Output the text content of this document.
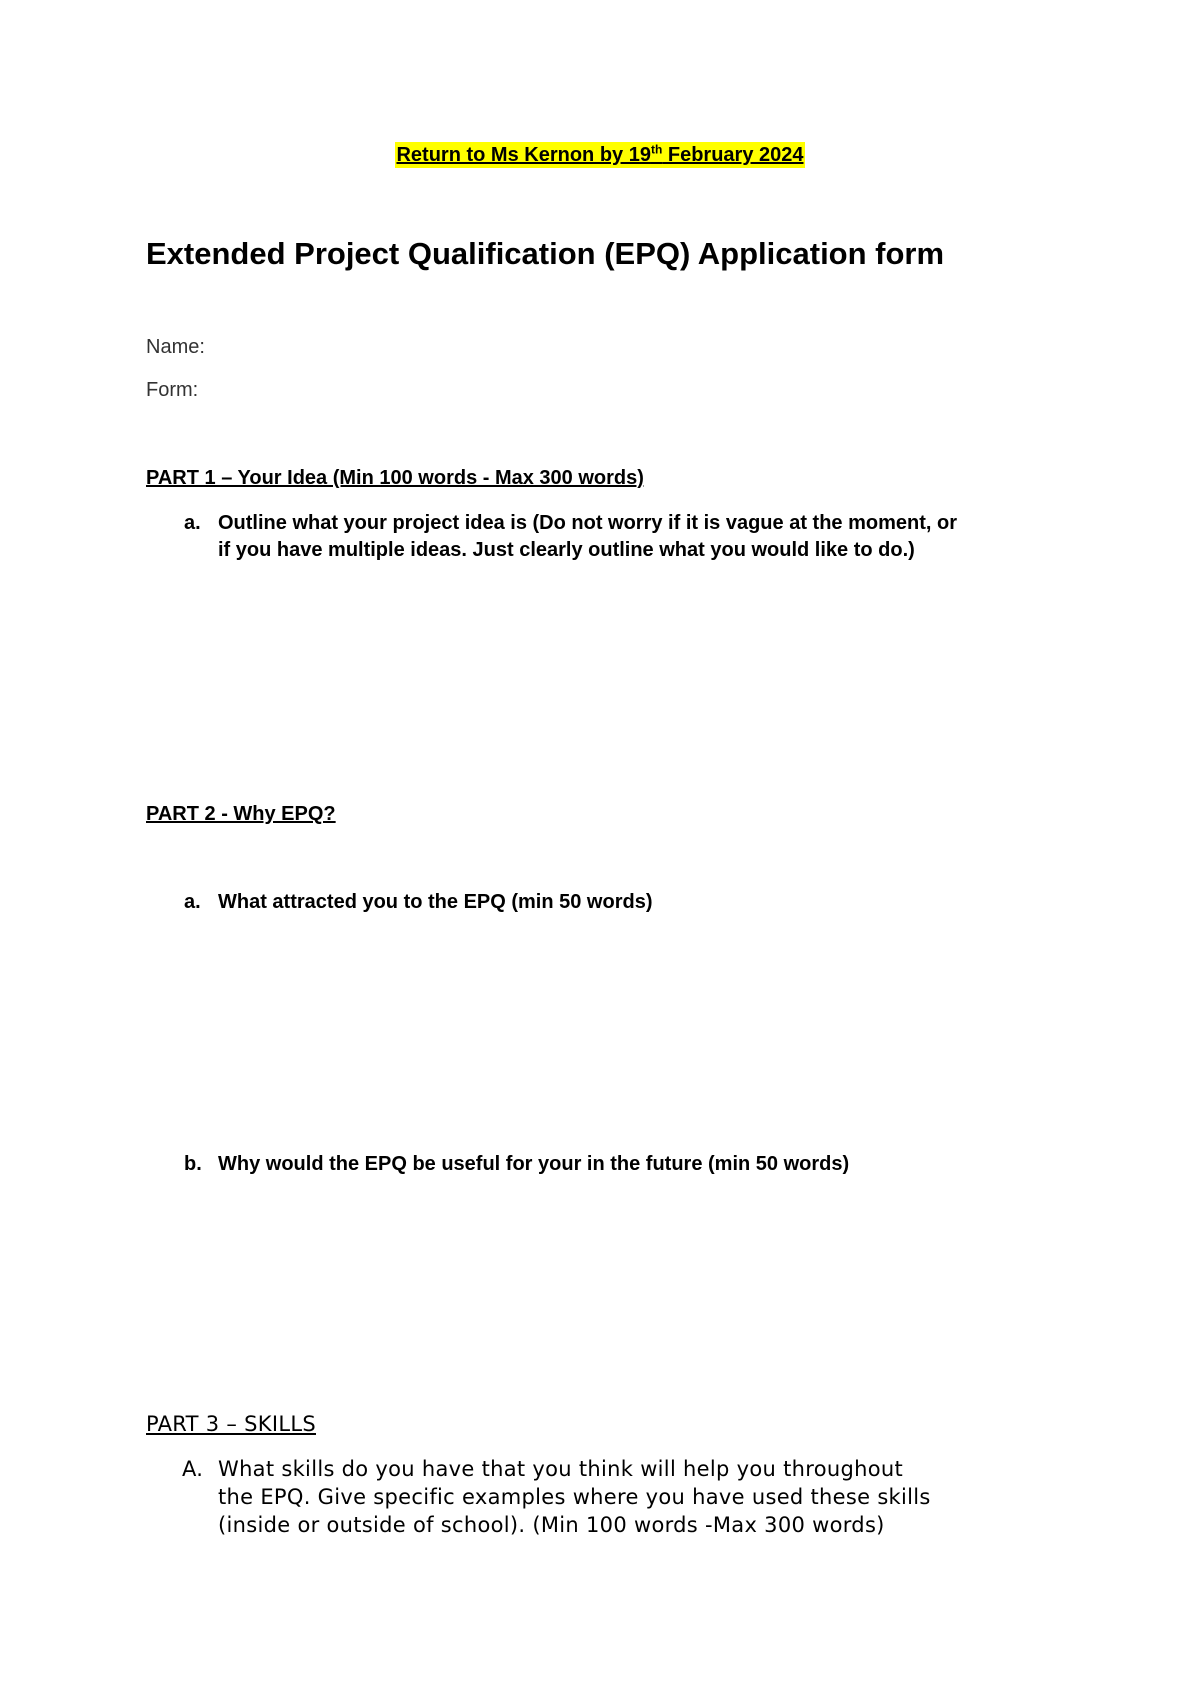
Return to Ms Kernon by 19th February 2024
Extended Project Qualification (EPQ) Application form
Name:
Form:
PART 1 – Your Idea (Min 100 words - Max 300 words)
a. Outline what your project idea is (Do not worry if it is vague at the moment, or
if you have multiple ideas. Just clearly outline what you would like to do.)
PART 2 - Why EPQ?
a. What attracted you to the EPQ (min 50 words)
b. Why would the EPQ be useful for your in the future (min 50 words)
PART 3 – SKILLS
A. What skills do you have that you think will help you throughout
the EPQ. Give specific examples where you have used these skills
(inside or outside of school). (Min 100 words -Max 300 words)
